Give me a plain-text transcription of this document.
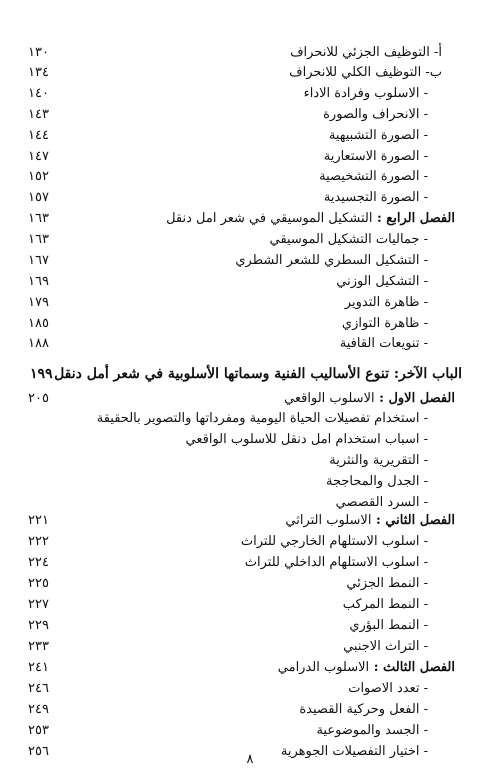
أ- التوظيف الجزئي للانحراف
١٣٠
ب- التوظيف الكلي للانحراف
١٣٤
- الاسلوب وفرادة الاداء
١٤٠
- الانحراف والصورة
١٤٣
- الصورة التشبيهية
١٤٤
- الصورة الاستعارية
١٤٧
- الصورة التشخيصية
١٥٢
- الصورة التجسيدية
١٥٧
الفصل الرابع : التشكيل الموسيقي في شعر امل دنقل
١٦٣
- جماليات التشكيل الموسيقي
١٦٣
- التشكيل السطري للشعر الشطري
١٦٧
- التشكيل الوزني
١٦٩
- ظاهرة التدوير
١٧٩
- ظاهرة التوازي
١٨٥
- تنويعات القافية
١٨٨
الباب الآخر: تنوع الأساليب الفنية وسماتها الأسلوبية في شعر أمل دنقل
١٩٩
الفصل الاول : الاسلوب الواقعي
٢٠٥
- استخدام تفصيلات الحياة اليومية ومفرداتها والتصوير بالحقيقة
- اسباب استخدام امل دنقل للاسلوب الواقعي
- التقريرية والنثرية
- الجدل والمحاججة
- السرد القصصي
الفصل الثاني : الاسلوب التراثي
٢٢١
- اسلوب الاستلهام الخارجي للتراث
٢٢٢
- اسلوب الاستلهام الداخلي للتراث
٢٢٤
- النمط الجزئي
٢٢٥
- النمط المركب
٢٢٧
- النمط البؤري
٢٢٩
- التراث الاجنبي
٢٣٣
الفصل الثالث : الاسلوب الدرامي
٢٤١
- تعدد الاصوات
٢٤٦
- الفعل وحركية القصيدة
٢٤٩
- الجسد والموضوعية
٢٥٣
- اختيار التفصيلات الجوهرية
٢٥٦
٨
